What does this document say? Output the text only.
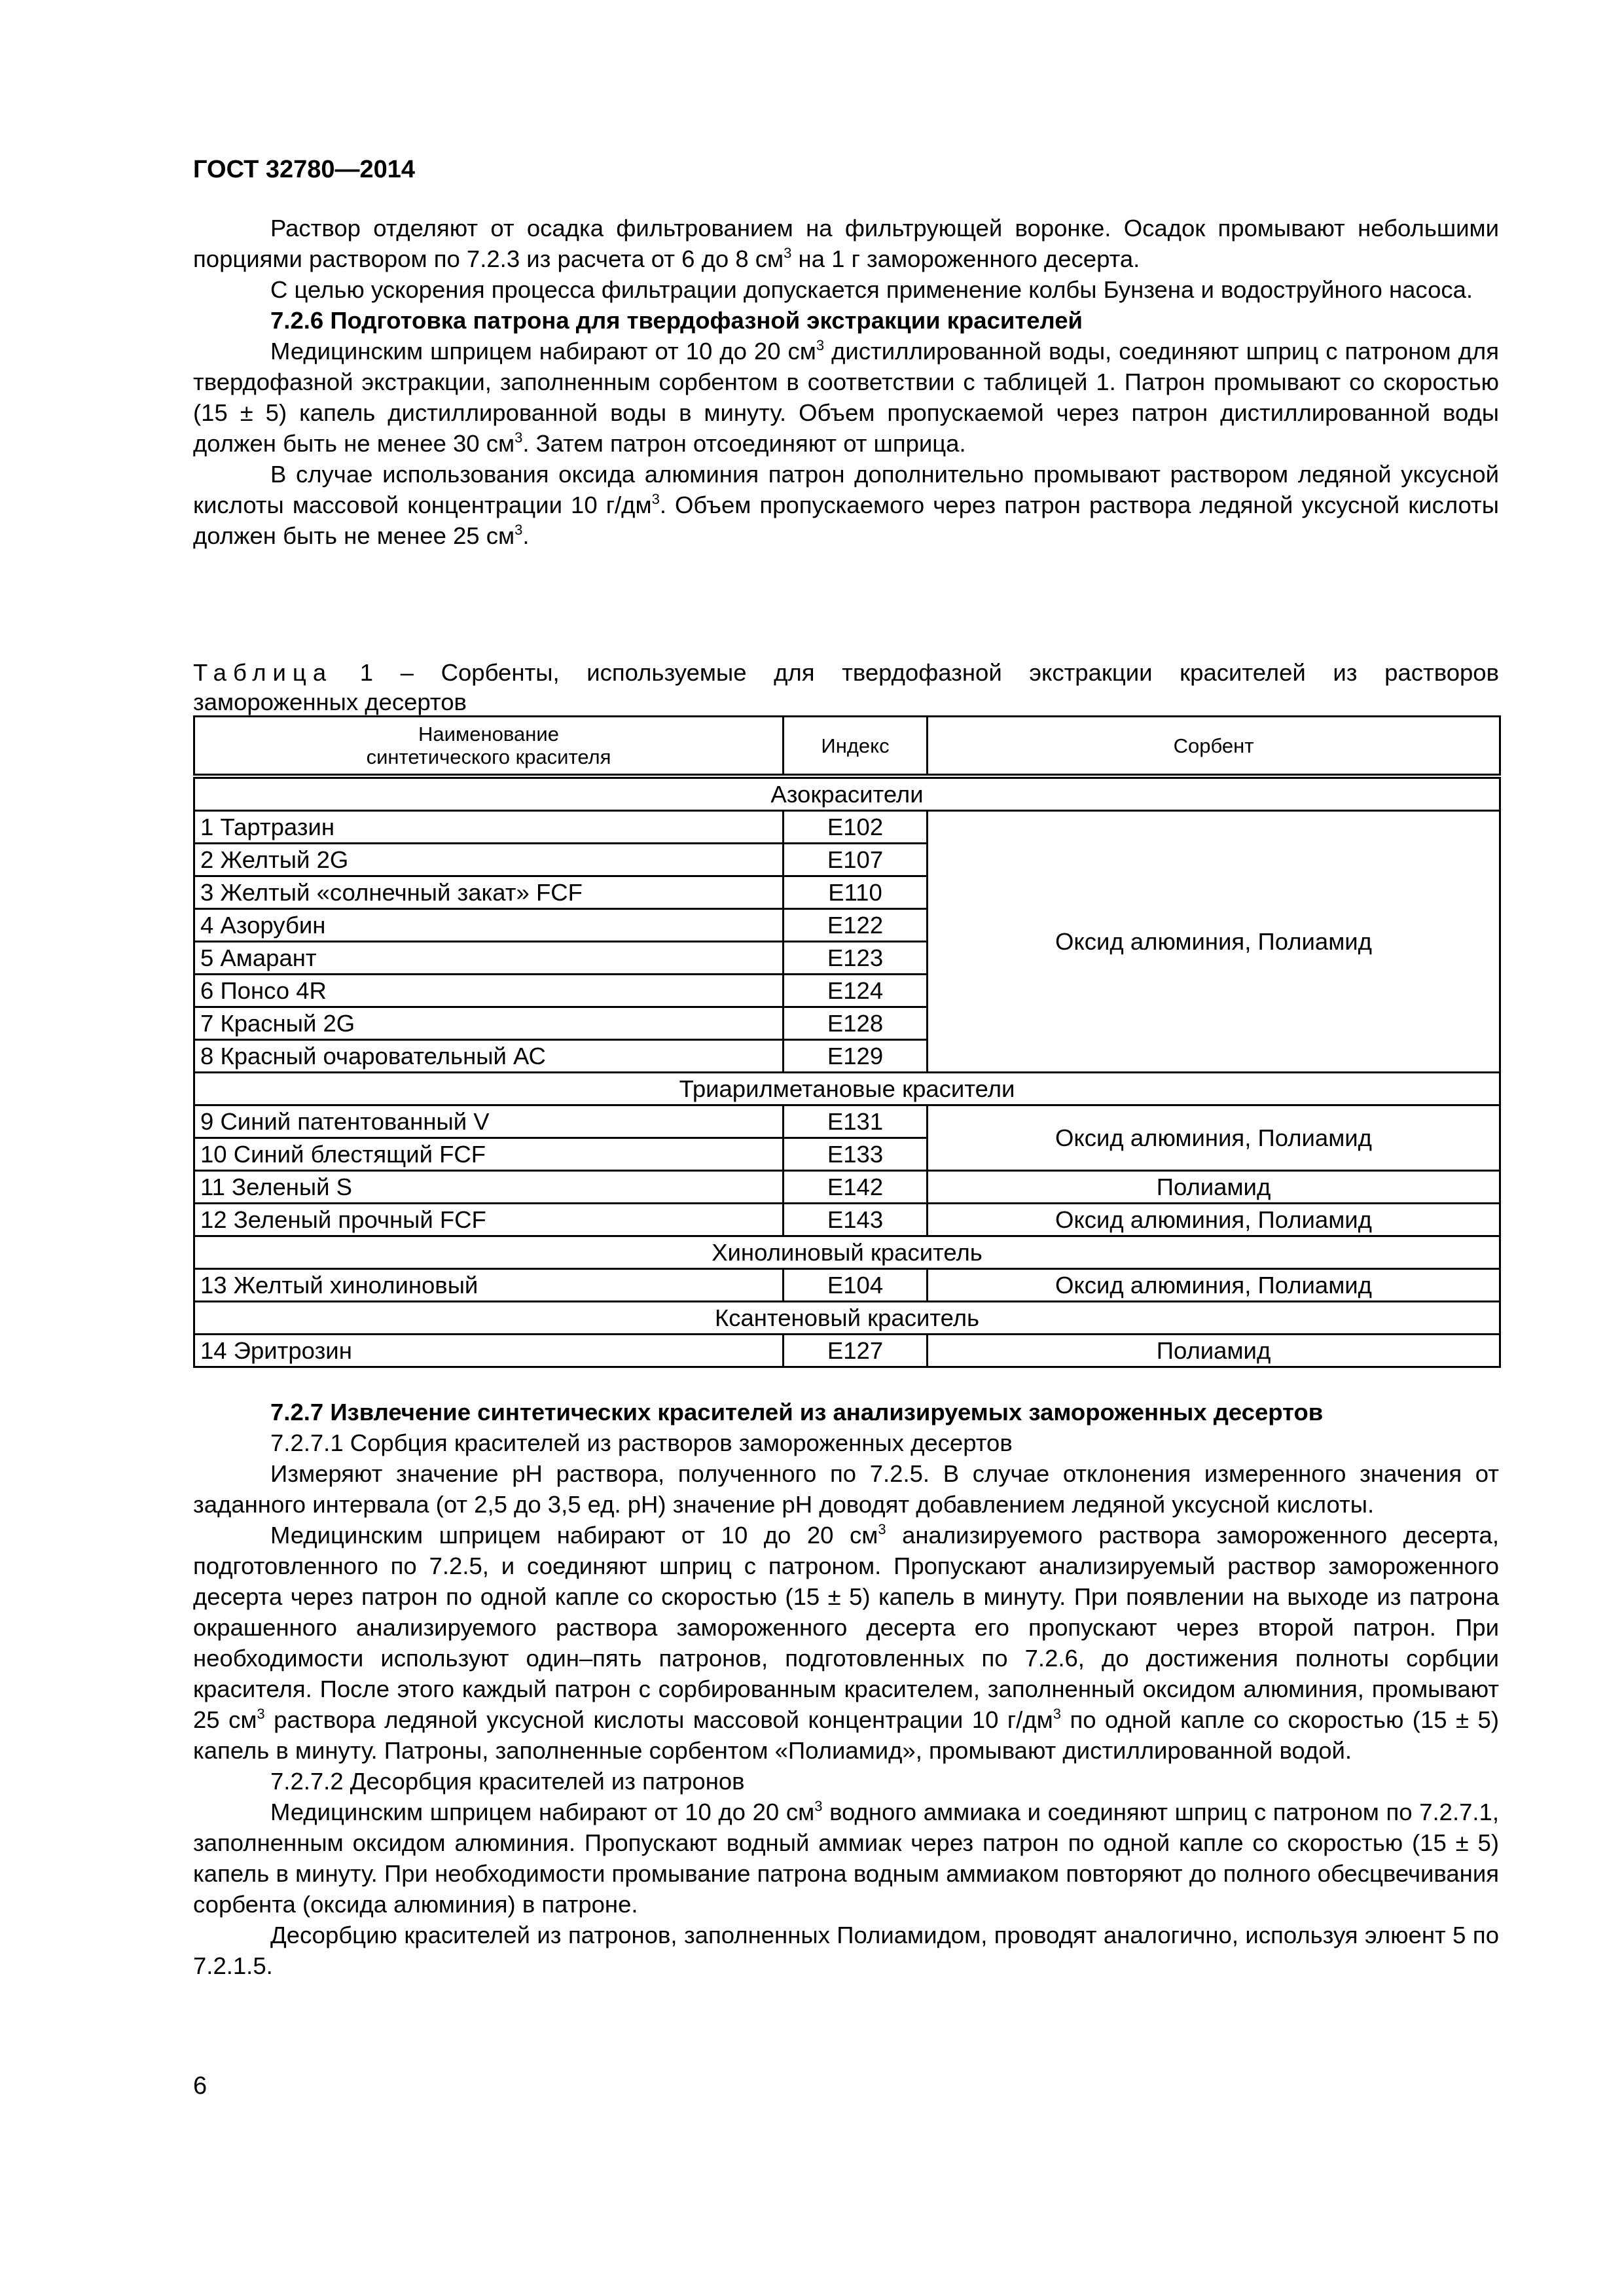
ГОСТ 32780—2014

Раствор отделяют от осадка фильтрованием на фильтрующей воронке. Осадок промывают небольшими порциями раствором по 7.2.3 из расчета от 6 до 8 $см^3$ на 1 г замороженного десерта.

С целью ускорения процесса фильтрации допускается применение колбы Бунзена и водоструйного насоса.

7.2.6 Подготовка патрона для твердофазной экстракции красителей

Медицинским шприцем набирают от 10 до 20 $см^3$ дистиллированной воды, соединяют шприц с патроном для твердофазной экстракции, заполненным сорбентом в соответствии с таблицей 1. Патрон промывают со скоростью (15 ± 5) капель дистиллированной воды в минуту. Объем пропускаемой через патрон дистиллированной воды должен быть не менее 30 $см^3$. Затем патрон отсоединяют от шприца.

В случае использования оксида алюминия патрон дополнительно промывают раствором ледяной уксусной кислоты массовой концентрации 10 $г/дм^3$. Объем пропускаемого через патрон раствора ледяной уксусной кислоты должен быть не менее 25 $см^3$.

Таблица 1 – Сорбенты, используемые для твердофазной экстракции красителей из растворов
замороженных десертов
Наименование
синтетического красителя	Индекс	Сорбент
Азокрасители		
1 Тартразин	E102	Оксид алюминия, Полиамид
2 Желтый 2G	E107	
3 Желтый «солнечный закат» FCF	E110	
4 Азорубин	E122	
5 Амарант	E123	
6 Понсо 4R	E124	
7 Красный 2G	E128	
8 Красный очаровательный АС	E129	
Триарилметановые красители		
9 Синий патентованный V	E131	Оксид алюминия, Полиамид
10 Синий блестящий FCF	E133	
11 Зеленый S	E142	Полиамид
12 Зеленый прочный FCF	E143	Оксид алюминия, Полиамид
Хинолиновый краситель		
13 Желтый хинолиновый	E104	Оксид алюминия, Полиамид
Ксантеновый краситель		
14 Эритрозин	E127	Полиамид

7.2.7 Извлечение синтетических красителей из анализируемых замороженных десертов

7.2.7.1 Сорбция красителей из растворов замороженных десертов

Измеряют значение рН раствора, полученного по 7.2.5. В случае отклонения измеренного значения от заданного интервала (от 2,5 до 3,5 ед. рН) значение рН доводят добавлением ледяной уксусной кислоты.

Медицинским шприцем набирают от 10 до 20 $см^3$ анализируемого раствора замороженного десерта, подготовленного по 7.2.5, и соединяют шприц с патроном. Пропускают анализируемый раствор замороженного десерта через патрон по одной капле со скоростью (15 ± 5) капель в минуту. При появлении на выходе из патрона окрашенного анализируемого раствора замороженного десерта его пропускают через второй патрон. При необходимости используют один–пять патронов, подготовленных по 7.2.6, до достижения полноты сорбции красителя. После этого каждый патрон с сорбированным красителем, заполненный оксидом алюминия, промывают 25 $см^3$ раствора ледяной уксусной кислоты массовой концентрации 10 $г/дм^3$ по одной капле со скоростью (15 ± 5) капель в минуту. Патроны, заполненные сорбентом «Полиамид», промывают дистиллированной водой.

7.2.7.2 Десорбция красителей из патронов

Медицинским шприцем набирают от 10 до 20 $см^3$ водного аммиака и соединяют шприц с патроном по 7.2.7.1, заполненным оксидом алюминия. Пропускают водный аммиак через патрон по одной капле со скоростью (15 ± 5) капель в минуту. При необходимости промывание патрона водным аммиаком повторяют до полного обесцвечивания сорбента (оксида алюминия) в патроне.

Десорбцию красителей из патронов, заполненных Полиамидом, проводят аналогично, используя элюент 5 по 7.2.1.5.

6
